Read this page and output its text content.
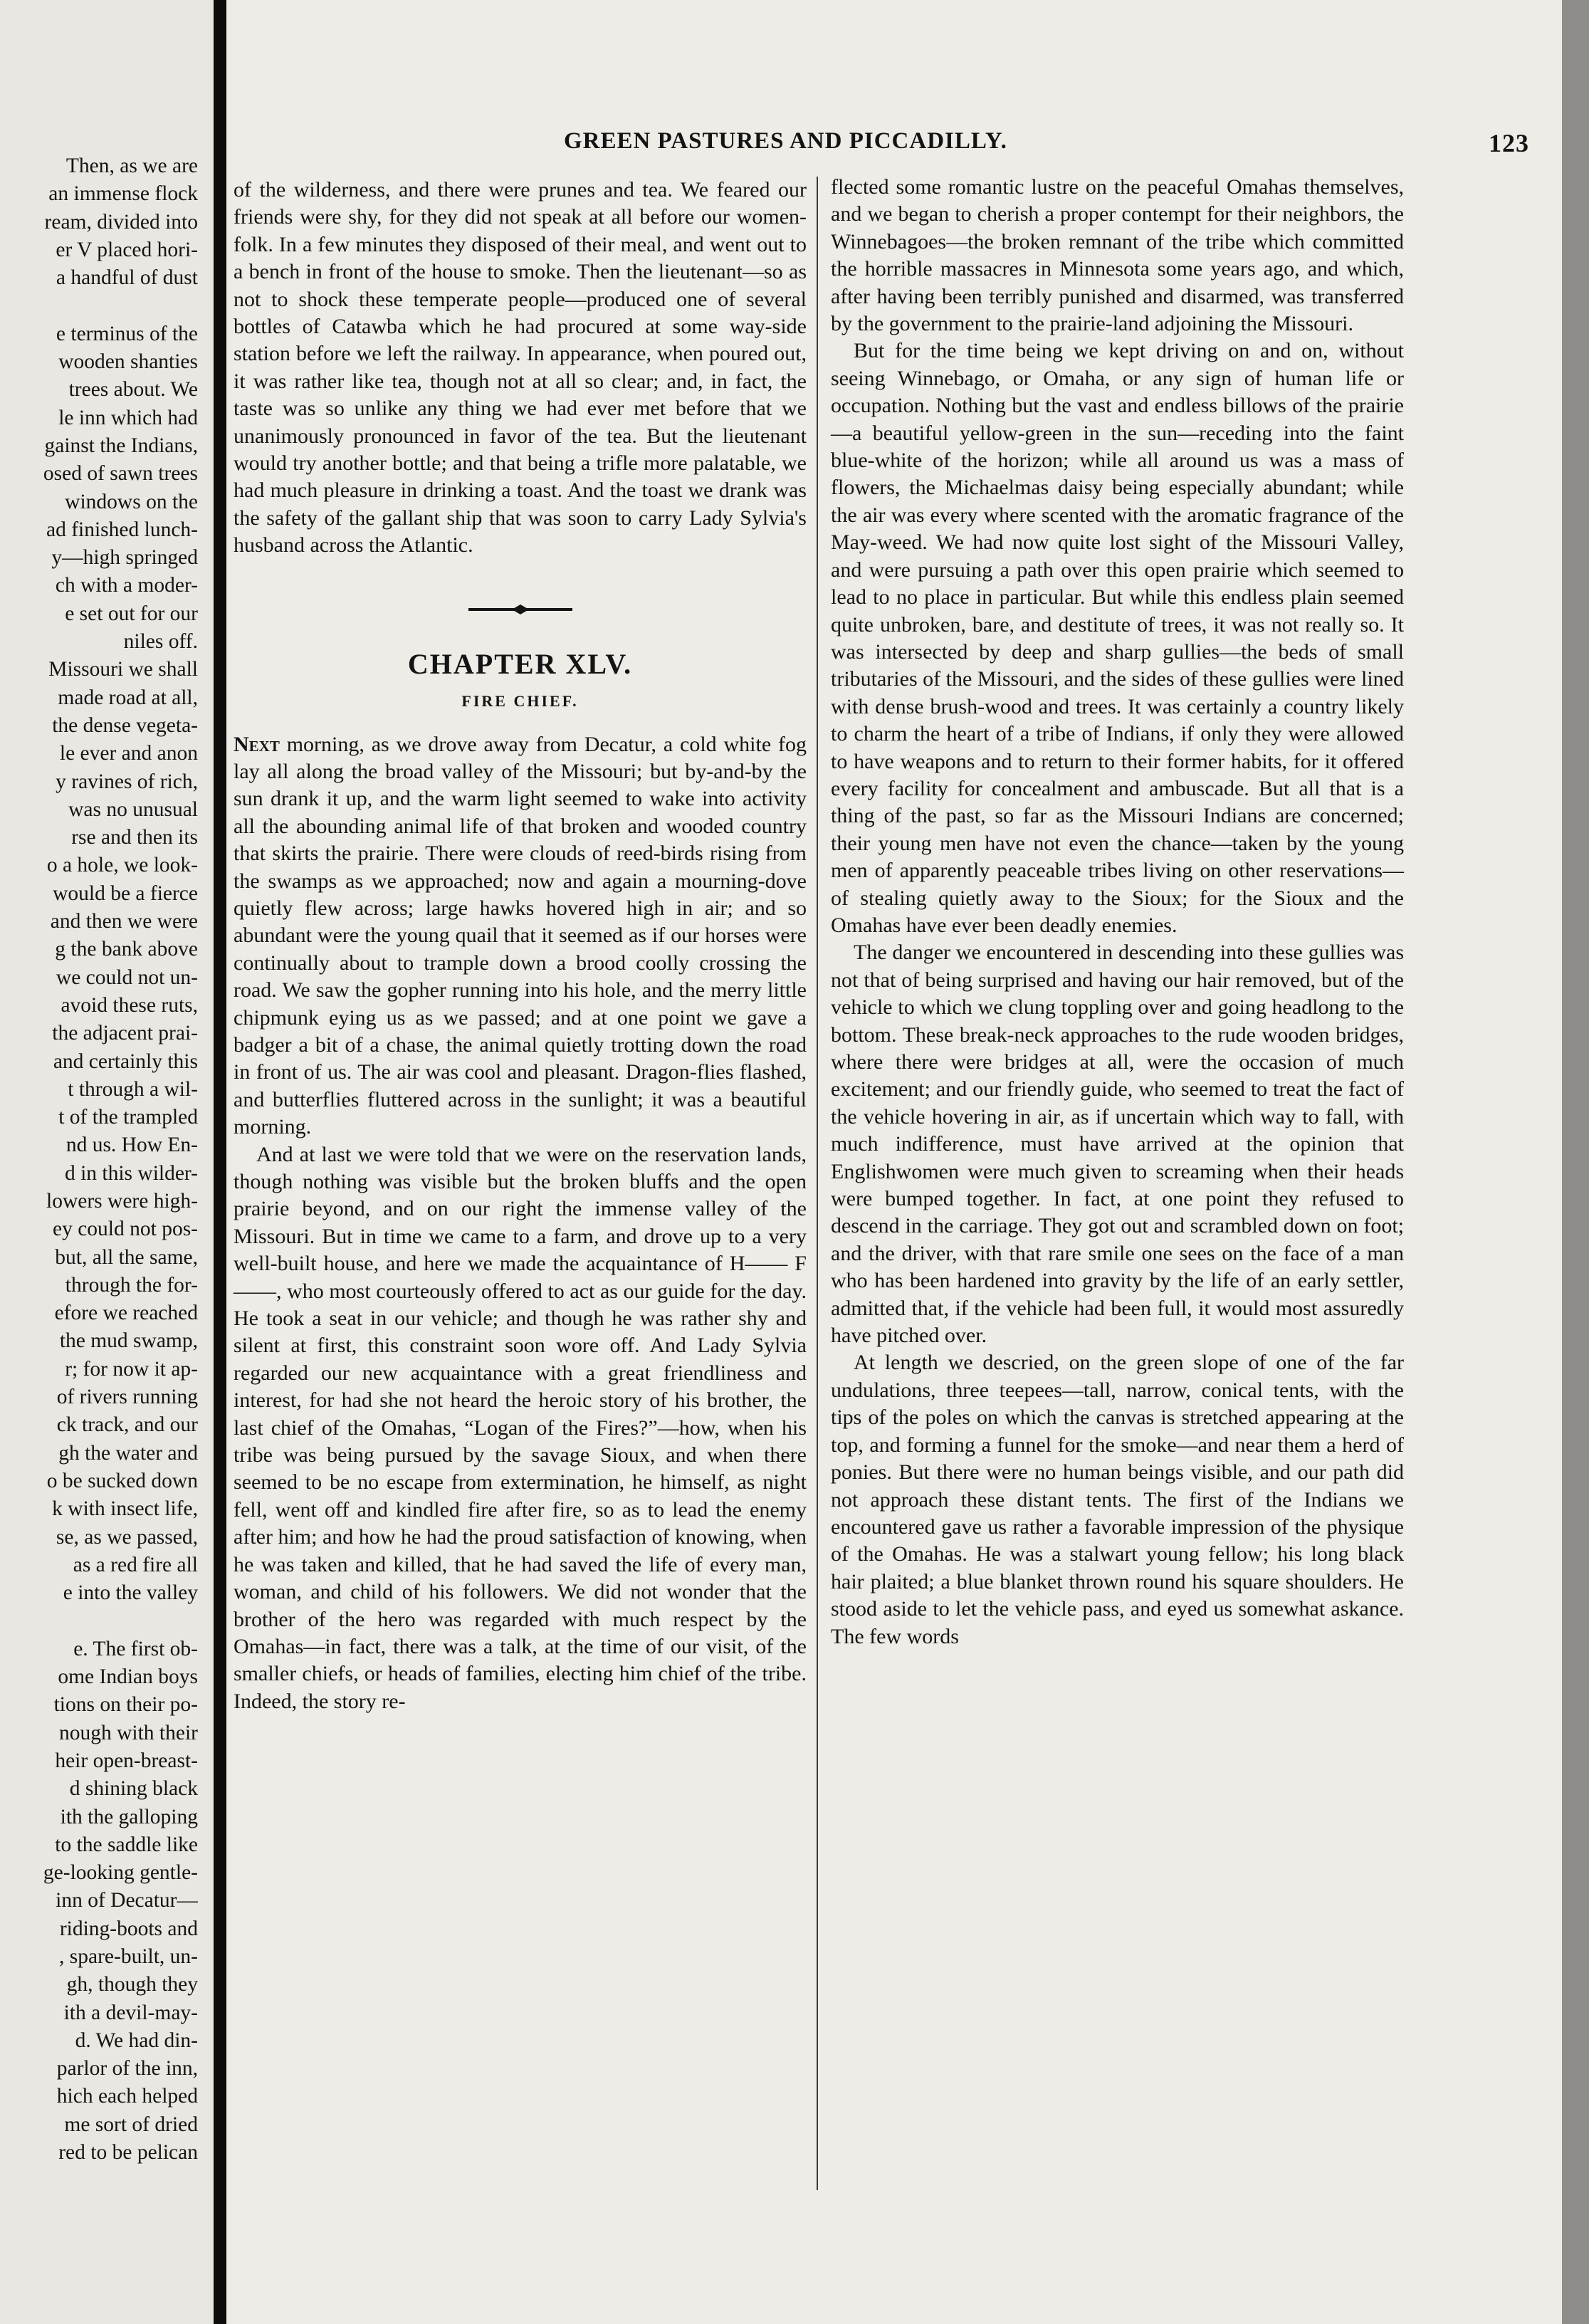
Then, as we are
an immense flock
ream, divided into
er V placed hori-
a handful of dust
e terminus of the
wooden shanties
trees about. We
le inn which had
gainst the Indians,
osed of sawn trees
windows on the
ad finished lunch-
y—high springed
ch with a moder-
e set out for our
niles off.
Missouri we shall
made road at all,
the dense vegeta-
le ever and anon
y ravines of rich,
was no unusual
rse and then its
o a hole, we look-
would be a fierce
and then we were
g the bank above
we could not un-
avoid these ruts,
the adjacent prai-
and certainly this
t through a wil-
t of the trampled
nd us. How En-
d in this wilder-
lowers were high-
ey could not pos-
but, all the same,
through the for-
efore we reached
the mud swamp,
r; for now it ap-
of rivers running
ck track, and our
gh the water and
o be sucked down
k with insect life,
se, as we passed,
as a red fire all
e into the valley
e. The first ob-
ome Indian boys
tions on their po-
nough with their
heir open-breast-
d shining black
ith the galloping
to the saddle like
ge-looking gentle-
inn of Decatur—
riding-boots and
, spare-built, un-
gh, though they
ith a devil-may-
d. We had din-
parlor of the inn,
hich each helped
me sort of dried
red to be pelican
GREEN PASTURES AND PICCADILLY.	123

of the wilderness, and there were prunes and tea. We feared our friends were shy, for they did not speak at all before our women-folk. In a few minutes they disposed of their meal, and went out to a bench in front of the house to smoke. Then the lieutenant—so as not to shock these temperate people—produced one of several bottles of Catawba which he had procured at some way-side station before we left the railway. In appearance, when poured out, it was rather like tea, though not at all so clear; and, in fact, the taste was so unlike any thing we had ever met before that we unanimously pronounced in favor of the tea. But the lieutenant would try another bottle; and that being a trifle more palatable, we had much pleasure in drinking a toast. And the toast we drank was the safety of the gallant ship that was soon to carry Lady Sylvia's husband across the Atlantic.

CHAPTER XLV.
FIRE CHIEF.

Next morning, as we drove away from Decatur, a cold white fog lay all along the broad valley of the Missouri; but by-and-by the sun drank it up, and the warm light seemed to wake into activity all the abounding animal life of that broken and wooded country that skirts the prairie. There were clouds of reed-birds rising from the swamps as we approached; now and again a mourning-dove quietly flew across; large hawks hovered high in air; and so abundant were the young quail that it seemed as if our horses were continually about to trample down a brood coolly crossing the road. We saw the gopher running into his hole, and the merry little chipmunk eying us as we passed; and at one point we gave a badger a bit of a chase, the animal quietly trotting down the road in front of us. The air was cool and pleasant. Dragon-flies flashed, and butterflies fluttered across in the sunlight; it was a beautiful morning.

And at last we were told that we were on the reservation lands, though nothing was visible but the broken bluffs and the open prairie beyond, and on our right the immense valley of the Missouri. But in time we came to a farm, and drove up to a very well-built house, and here we made the acquaintance of H—— F——, who most courteously offered to act as our guide for the day. He took a seat in our vehicle; and though he was rather shy and silent at first, this constraint soon wore off. And Lady Sylvia regarded our new acquaintance with a great friendliness and interest, for had she not heard the heroic story of his brother, the last chief of the Omahas, “Logan of the Fires?”—how, when his tribe was being pursued by the savage Sioux, and when there seemed to be no escape from extermination, he himself, as night fell, went off and kindled fire after fire, so as to lead the enemy after him; and how he had the proud satisfaction of knowing, when he was taken and killed, that he had saved the life of every man, woman, and child of his followers. We did not wonder that the brother of the hero was regarded with much respect by the Omahas—in fact, there was a talk, at the time of our visit, of the smaller chiefs, or heads of families, electing him chief of the tribe. Indeed, the story re-

flected some romantic lustre on the peaceful Omahas themselves, and we began to cherish a proper contempt for their neighbors, the Winnebagoes—the broken remnant of the tribe which committed the horrible massacres in Minnesota some years ago, and which, after having been terribly punished and disarmed, was transferred by the government to the prairie-land adjoining the Missouri.

But for the time being we kept driving on and on, without seeing Winnebago, or Omaha, or any sign of human life or occupation. Nothing but the vast and endless billows of the prairie—a beautiful yellow-green in the sun—receding into the faint blue-white of the horizon; while all around us was a mass of flowers, the Michaelmas daisy being especially abundant; while the air was every where scented with the aromatic fragrance of the May-weed. We had now quite lost sight of the Missouri Valley, and were pursuing a path over this open prairie which seemed to lead to no place in particular. But while this endless plain seemed quite unbroken, bare, and destitute of trees, it was not really so. It was intersected by deep and sharp gullies—the beds of small tributaries of the Missouri, and the sides of these gullies were lined with dense brush-wood and trees. It was certainly a country likely to charm the heart of a tribe of Indians, if only they were allowed to have weapons and to return to their former habits, for it offered every facility for concealment and ambuscade. But all that is a thing of the past, so far as the Missouri Indians are concerned; their young men have not even the chance—taken by the young men of apparently peaceable tribes living on other reservations—of stealing quietly away to the Sioux; for the Sioux and the Omahas have ever been deadly enemies.

The danger we encountered in descending into these gullies was not that of being surprised and having our hair removed, but of the vehicle to which we clung toppling over and going headlong to the bottom. These break-neck approaches to the rude wooden bridges, where there were bridges at all, were the occasion of much excitement; and our friendly guide, who seemed to treat the fact of the vehicle hovering in air, as if uncertain which way to fall, with much indifference, must have arrived at the opinion that Englishwomen were much given to screaming when their heads were bumped together. In fact, at one point they refused to descend in the carriage. They got out and scrambled down on foot; and the driver, with that rare smile one sees on the face of a man who has been hardened into gravity by the life of an early settler, admitted that, if the vehicle had been full, it would most assuredly have pitched over.

At length we descried, on the green slope of one of the far undulations, three teepees—tall, narrow, conical tents, with the tips of the poles on which the canvas is stretched appearing at the top, and forming a funnel for the smoke—and near them a herd of ponies. But there were no human beings visible, and our path did not approach these distant tents. The first of the Indians we encountered gave us rather a favorable impression of the physique of the Omahas. He was a stalwart young fellow; his long black hair plaited; a blue blanket thrown round his square shoulders. He stood aside to let the vehicle pass, and eyed us somewhat askance. The few words
